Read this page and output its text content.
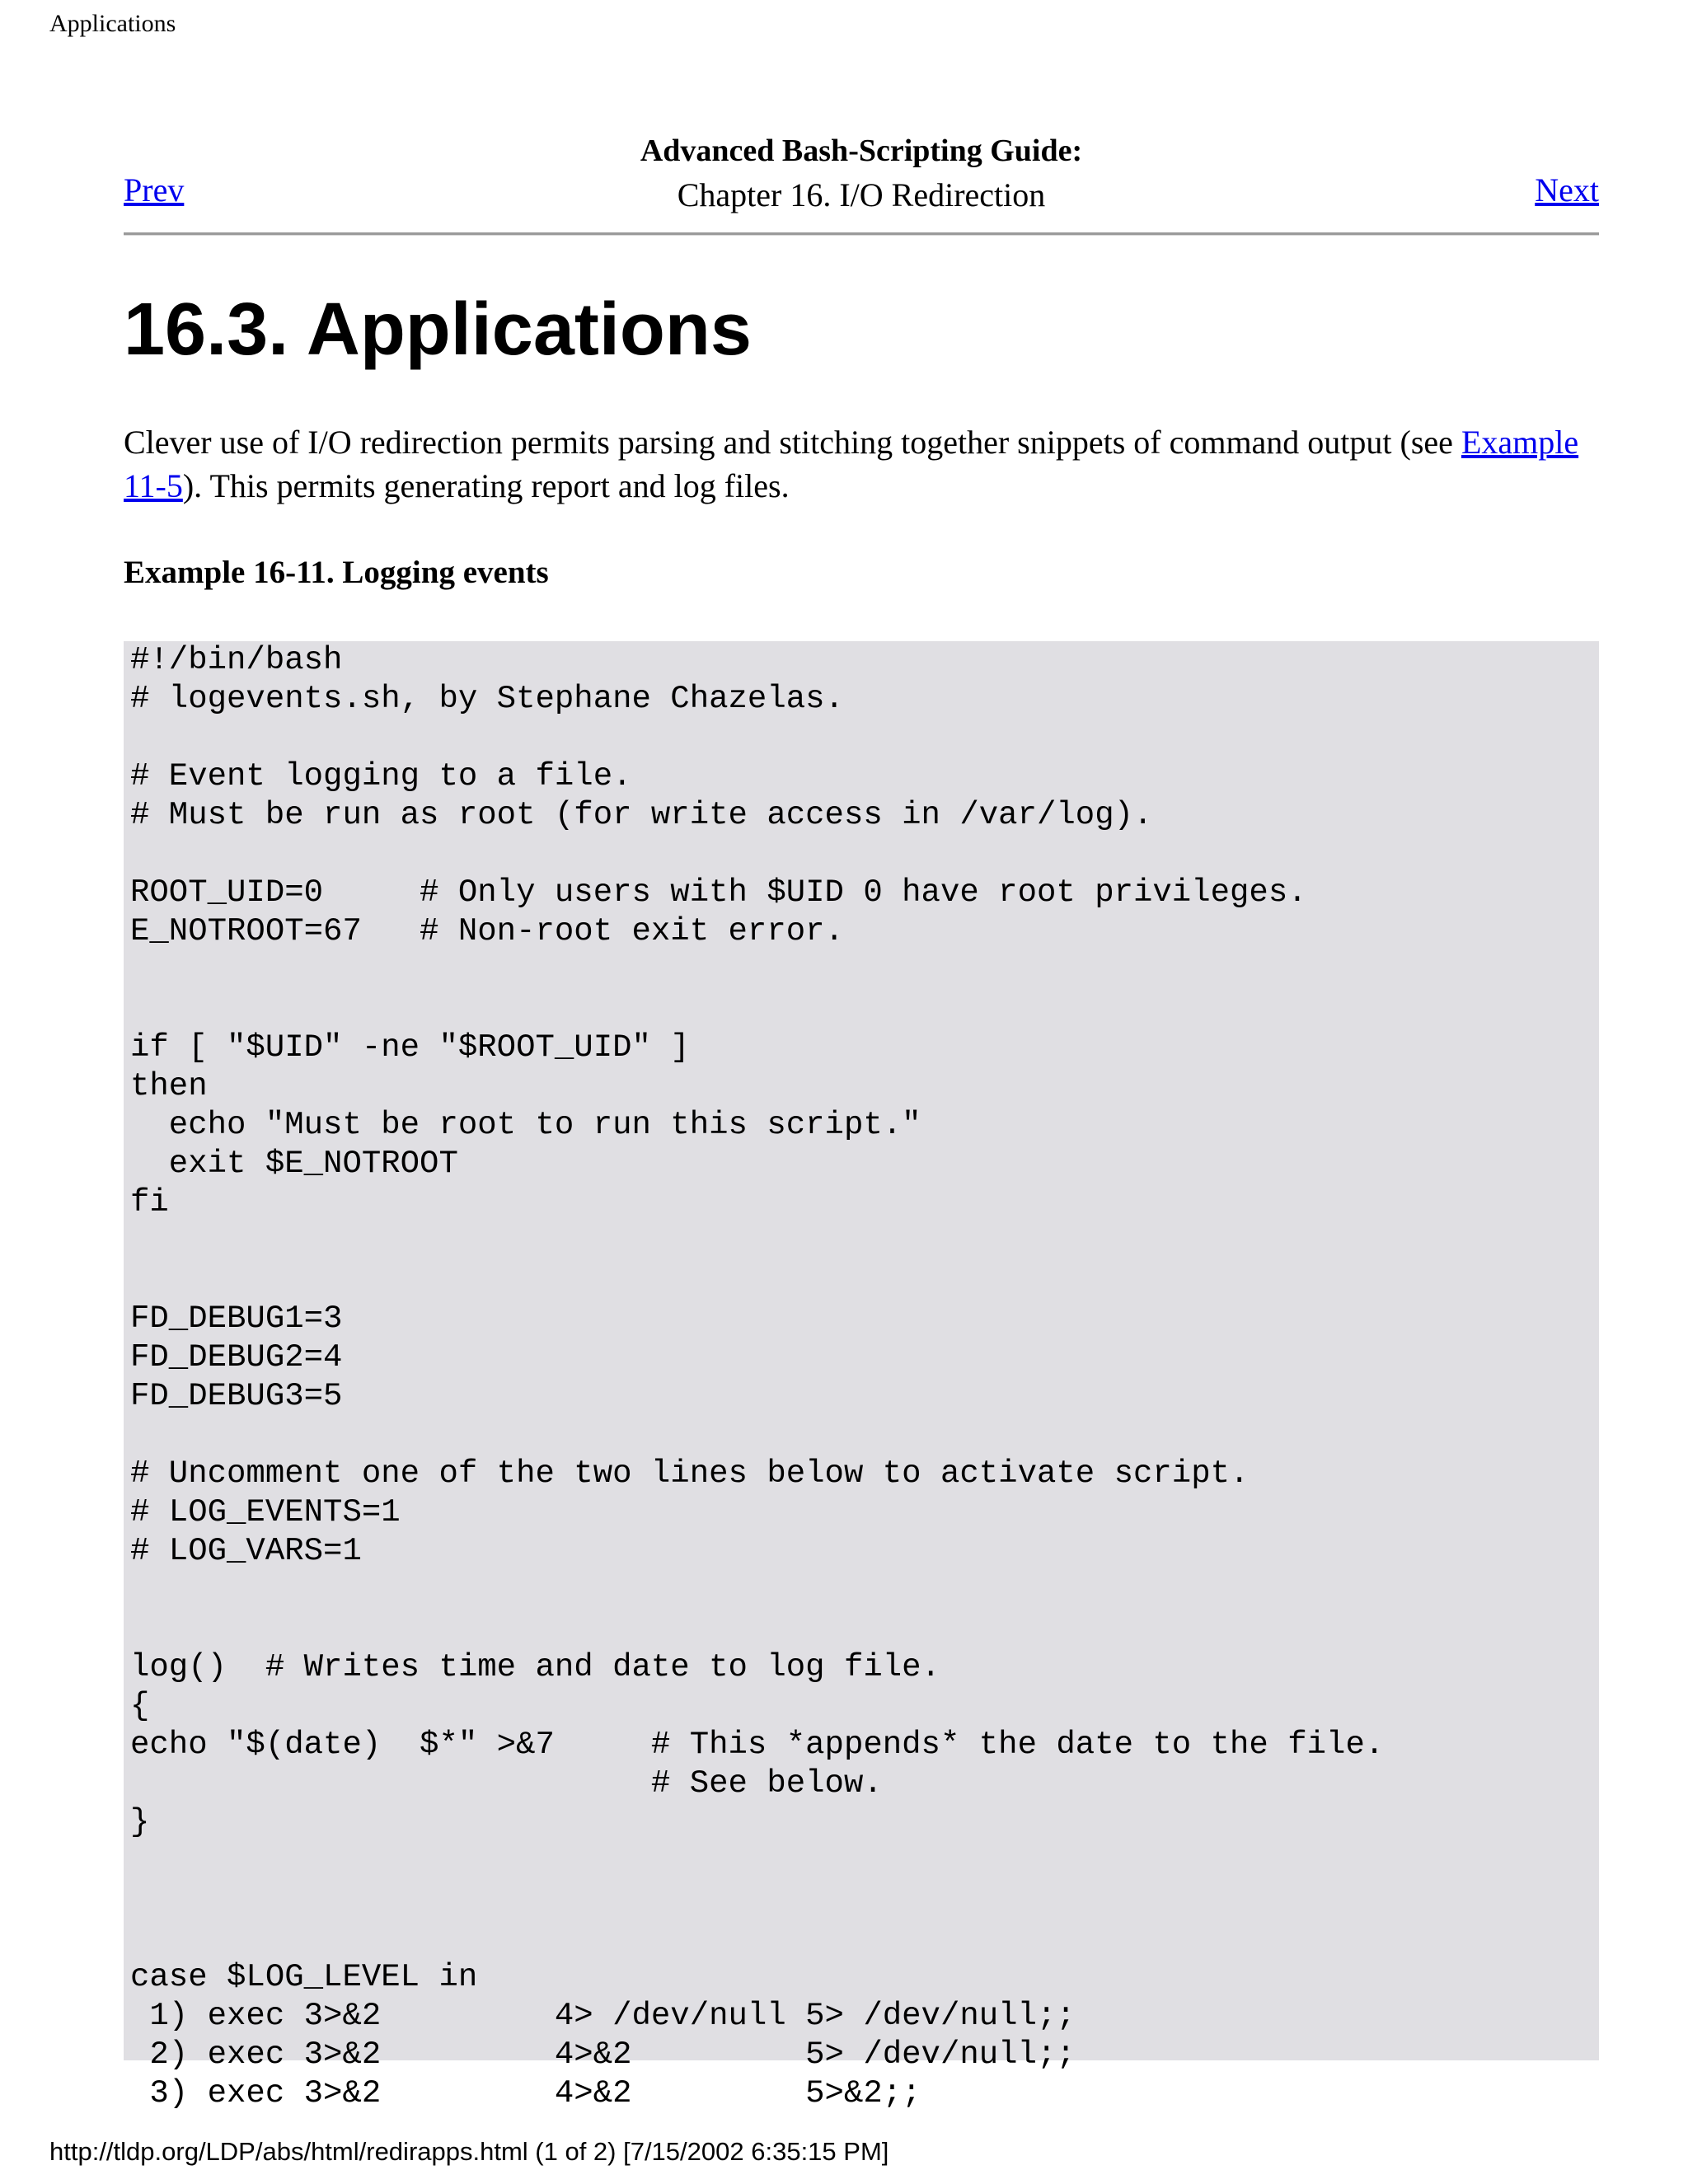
Applications
Advanced Bash-Scripting Guide:
Chapter 16. I/O Redirection
Prev	Next
16.3. Applications
Clever use of I/O redirection permits parsing and stitching together snippets of command output (see Example 11-5). This permits generating report and log files.
Example 16-11. Logging events
#!/bin/bash
# logevents.sh, by Stephane Chazelas.

# Event logging to a file.
# Must be run as root (for write access in /var/log).

ROOT_UID=0     # Only users with $UID 0 have root privileges.
E_NOTROOT=67   # Non-root exit error.

if [ "$UID" -ne "$ROOT_UID" ]
then
echo "Must be root to run this script."
exit $E_NOTROOT
fi

FD_DEBUG1=3
FD_DEBUG2=4
FD_DEBUG3=5

# Uncomment one of the two lines below to activate script.
# LOG_EVENTS=1
# LOG_VARS=1

log()  # Writes time and date to log file.
{
echo "$(date)  $*" >&7     # This *appends* the date to the file.
# See below.
}

case $LOG_LEVEL in
1) exec 3>&2         4> /dev/null 5> /dev/null;;
2) exec 3>&2         4>&2         5> /dev/null;;
3) exec 3>&2         4>&2         5>&2;;
http://tldp.org/LDP/abs/html/redirapps.html (1 of 2) [7/15/2002 6:35:15 PM]
